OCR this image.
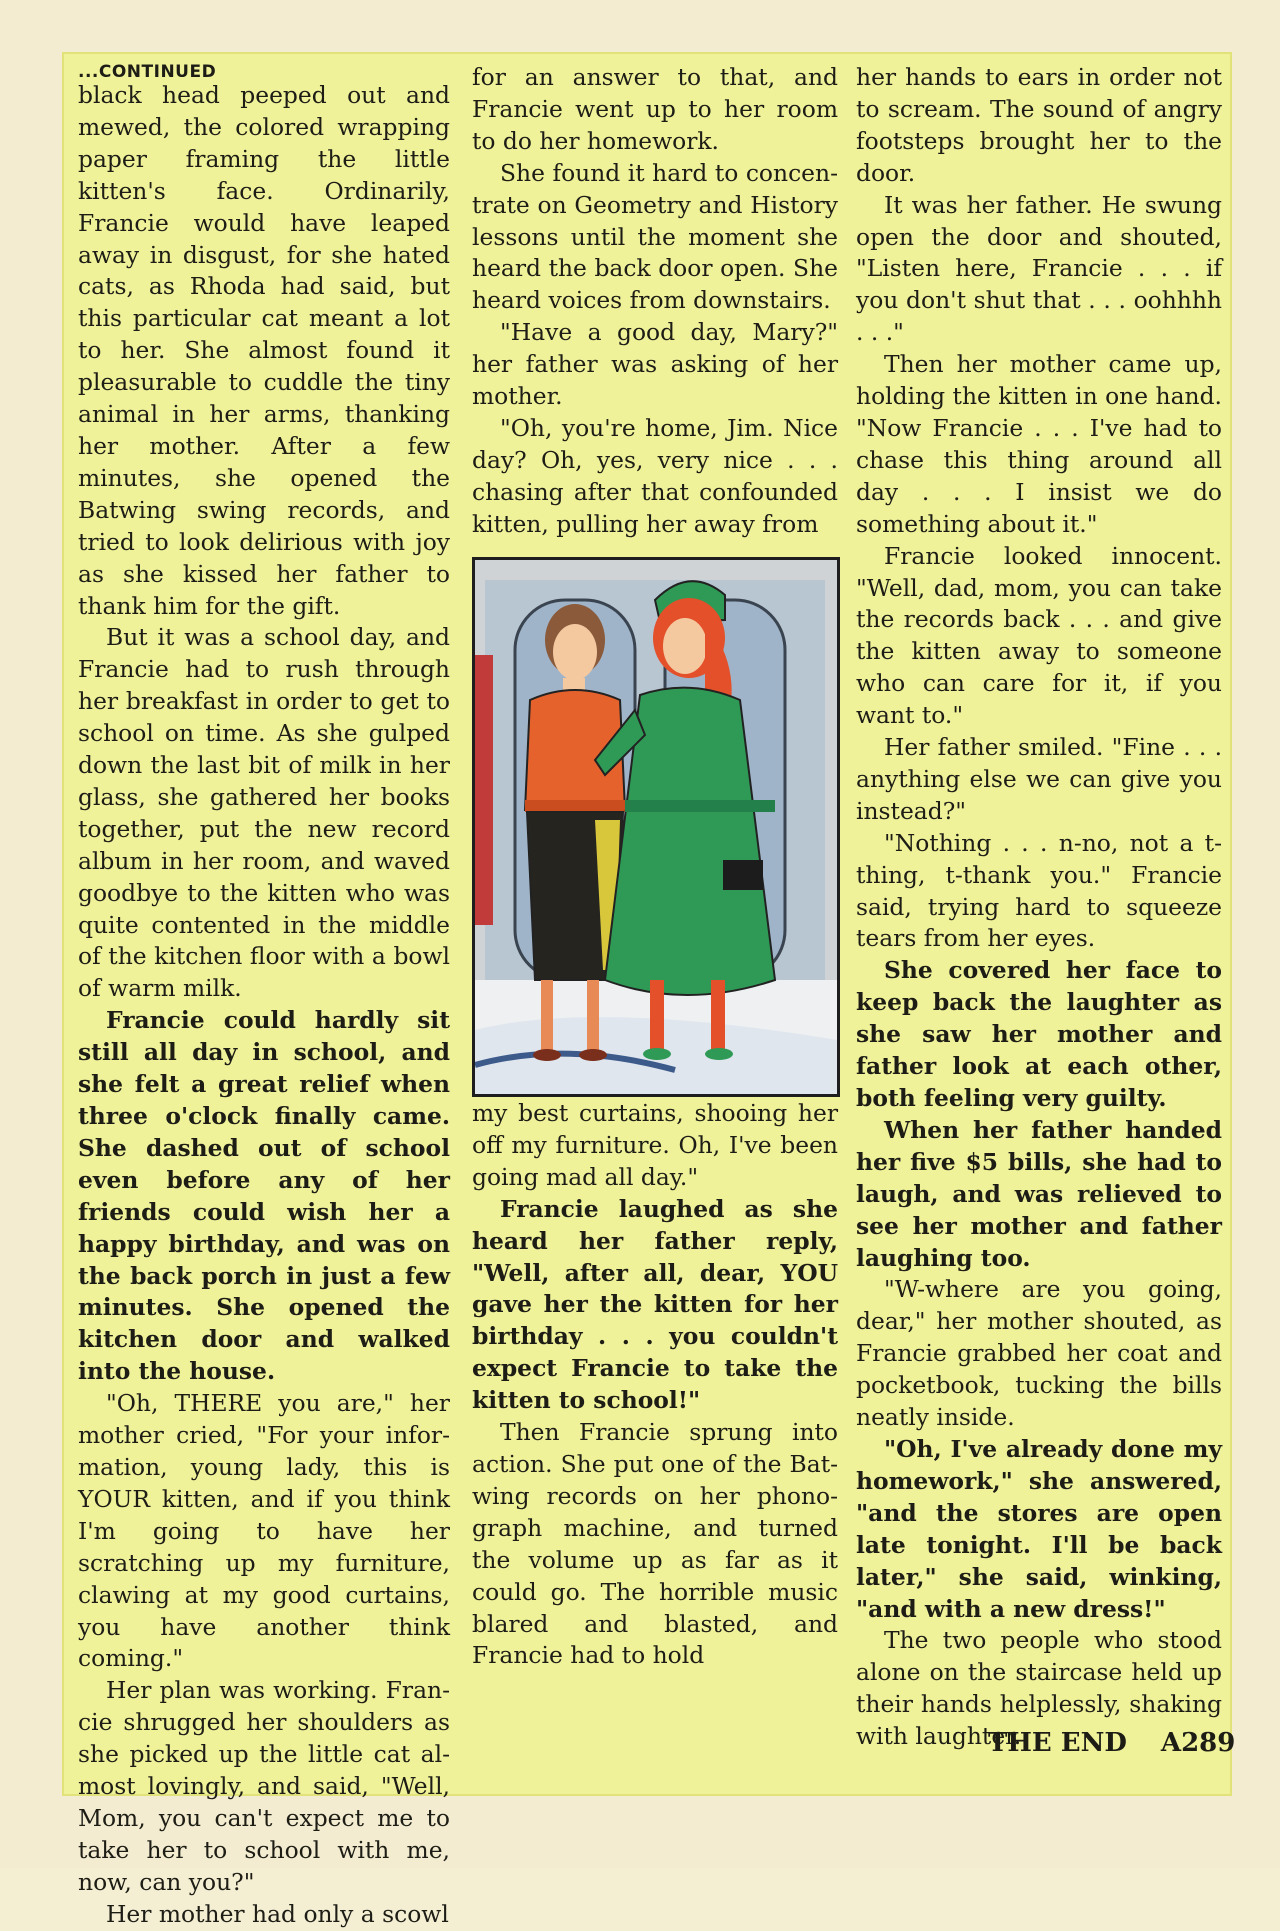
...CONTINUED
black head peeped out and mewed, the colored wrapping paper framing the little kitten's face. Ordinarily, Francie would have leaped away in disgust, for she hated cats, as Rhoda had said, but this particular cat meant a lot to her. She almost found it pleasurable to cuddle the tiny animal in her arms, thanking her mother. After a few minutes, she opened the Batwing swing records, and tried to look delirious with joy as she kissed her father to thank him for the gift.

But it was a school day, and Francie had to rush through her breakfast in order to get to school on time. As she gulped down the last bit of milk in her glass, she gathered her books together, put the new record album in her room, and waved goodbye to the kitten who was quite contented in the middle of the kitchen floor with a bowl of warm milk.

Francie could hardly sit still all day in school, and she felt a great relief when three o'clock finally came. She dashed out of school even before any of her friends could wish her a happy birthday, and was on the back porch in just a few minutes. She opened the kitchen door and walked into the house.

"Oh, THERE you are," her mother cried, "For your information, young lady, this is YOUR kitten, and if you think I'm going to have her scratching up my furniture, clawing at my good curtains, you have another think coming."

Her plan was working. Francie shrugged her shoulders as she picked up the little cat almost lovingly, and said, "Well, Mom, you can't expect me to take her to school with me, now, can you?"

Her mother had only a scowl

for an answer to that, and Francie went up to her room to do her homework.

She found it hard to concentrate on Geometry and History lessons until the moment she heard the back door open. She heard voices from downstairs.

"Have a good day, Mary?" her father was asking of her mother.

"Oh, you're home, Jim. Nice day? Oh, yes, very nice . . . chasing after that confounded kitten, pulling her away from

my best curtains, shooing her off my furniture. Oh, I've been going mad all day."

Francie laughed as she heard her father reply, "Well, after all, dear, YOU gave her the kitten for her birthday . . . you couldn't expect Francie to take the kitten to school!"

Then Francie sprung into action. She put one of the Batwing records on her phonograph machine, and turned the volume up as far as it could go. The horrible music blared and blasted, and Francie had to hold

her hands to ears in order not to scream. The sound of angry footsteps brought her to the door.

It was her father. He swung open the door and shouted, "Listen here, Francie . . . if you don't shut that . . . oohhhh . . ."

Then her mother came up, holding the kitten in one hand. "Now Francie . . . I've had to chase this thing around all day . . . I insist we do something about it."

Francie looked innocent. "Well, dad, mom, you can take the records back . . . and give the kitten away to someone who can care for it, if you want to."

Her father smiled. "Fine . . . anything else we can give you instead?"

"Nothing . . . n-no, not a t-thing, t-thank you." Francie said, trying hard to squeeze tears from her eyes.

She covered her face to keep back the laughter as she saw her mother and father look at each other, both feeling very guilty.

When her father handed her five $5 bills, she had to laugh, and was relieved to see her mother and father laughing too.

"W-where are you going, dear," her mother shouted, as Francie grabbed her coat and pocketbook, tucking the bills neatly inside.

"Oh, I've already done my homework," she answered, "and the stores are open late tonight. I'll be back later," she said, winking, "and with a new dress!"

The two people who stood alone on the staircase held up their hands helplessly, shaking with laughter.

THE END A289
